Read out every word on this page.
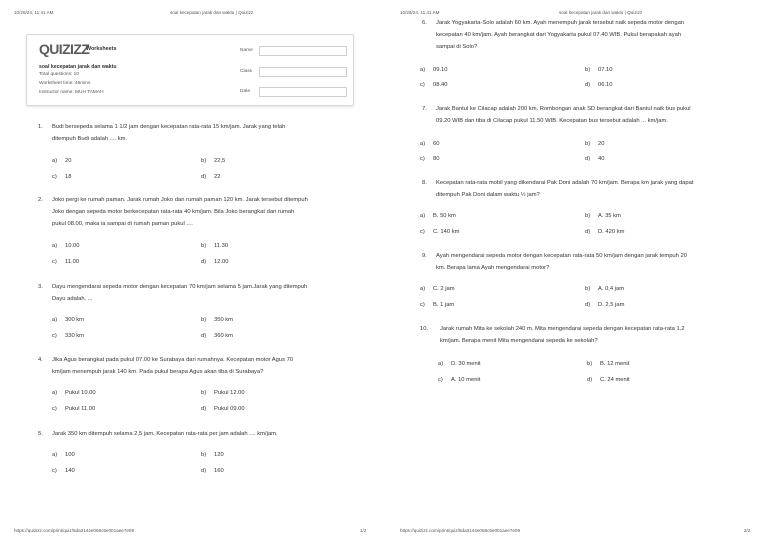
10/26/24, 11:41 AM	soal kecepatan jarak dan waktu | Quizizz
QUIZIZZ
Worksheets
soal kecepatan jarak dan waktu
Total questions: 10
Worksheet time: 46mins
Instructor name: MUH TAMAH
Name
Class
Date
1. Budi bersepeda selama 1 1/2 jam dengan kecepatan rata-rata 15 km/jam. Jarak yang telah
ditempuh Budi adalah .... km.
a) 20	b) 22,5
c) 18	d) 22
2. Joko pergi ke rumah paman. Jarak rumah Joko dan rumah paman 120 km. Jarak tersebut ditempuh
Joko dengan sepeda motor berkecepatan rata-rata 40 km/jam. Bila Joko berangkat dari rumah
pukul 08.00, maka ia sampai di rumah paman pukul ....
a) 10.00	b) 11.30
c) 11.00	d) 12.00
3. Dayu mengendarai sepeda motor dengan kecepatan 70 km/jam selama 5 jam.Jarak yang ditempuh
Dayu adalah. ...
a) 300 km	b) 350 km
c) 330 km	d) 360 km
4. Jika Agus berangkat pada pukul 07.00 ke Surabaya dari rumahnya. Kecepatan motor Agus 70
km/jam menempuh jarak 140 km. Pada pukul berapa Agus akan tiba di Surabaya?
a) Pukul 10.00	b) Pukul 12.00
c) Pukul 11.00	d) Pukul 09.00
5. Jarak 350 km ditempuh selama 2,5 jam. Kecepatan rata-rata per jam adalah .... km/jam.
a) 100	b) 120
c) 140	d) 160
https://quizizz.com/print/quiz/5da3144e068c5e001aee7e09	1/2
10/26/24, 11:41 AM	soal kecepatan jarak dan waktu | Quizizz
6. Jarak Yogyakarta-Solo adalah 60 km. Ayah menempuh jarak tersebut naik sepeda motor dengan
kecepatan 40 km/jam. Ayah berangkat dari Yogyakarta pukul 07.40 WIB. Pukul berapakah ayah
sampai di Solo?
a) 09.10	b) 07.10
c) 08.40	d) 06.10
7. Jarak Bantul ke Cilacap adalah 200 km. Rombongan anak SD berangkat dari Bantul naik bus pukul
09.20 WIB dan tiba di Cilacap pukul 11.50 WIB. Kecepatan bus tersebut adalah ... km/jam.
a) 60	b) 20
c) 80	d) 40
8. Kecepatan rata-rata mobil yang dikendarai Pak Doni adalah 70 km/jam. Berapa km jarak yang dapat
ditempuh Pak Doni dalam waktu ½ jam?
a) B. 50 km	b) A. 35 km
c) C. 140 km	d) D. 420 km
9. Ayah mengendarai sepeda motor dengan kecepatan rata-rata 50 km/jam dengan jarak tempuh 20
km. Berapa lama Ayah mengendarai motor?
a) C. 2 jam	b) A. 0,4 jam
c) B. 1 jam	d) D. 2,5 jam
10. Jarak rumah Mita ke sekolah 240 m. Mita mengendarai sepeda dengan kecepatan rata-rata 1,2
km/jam. Berapa menit Mita mengendarai sepeda ke sekolah?
a) D. 30 menit	b) B. 12 menit
c) A. 10 menit	d) C. 24 menit
https://quizizz.com/print/quiz/5da3144e068c5e001aee7e09	2/2
